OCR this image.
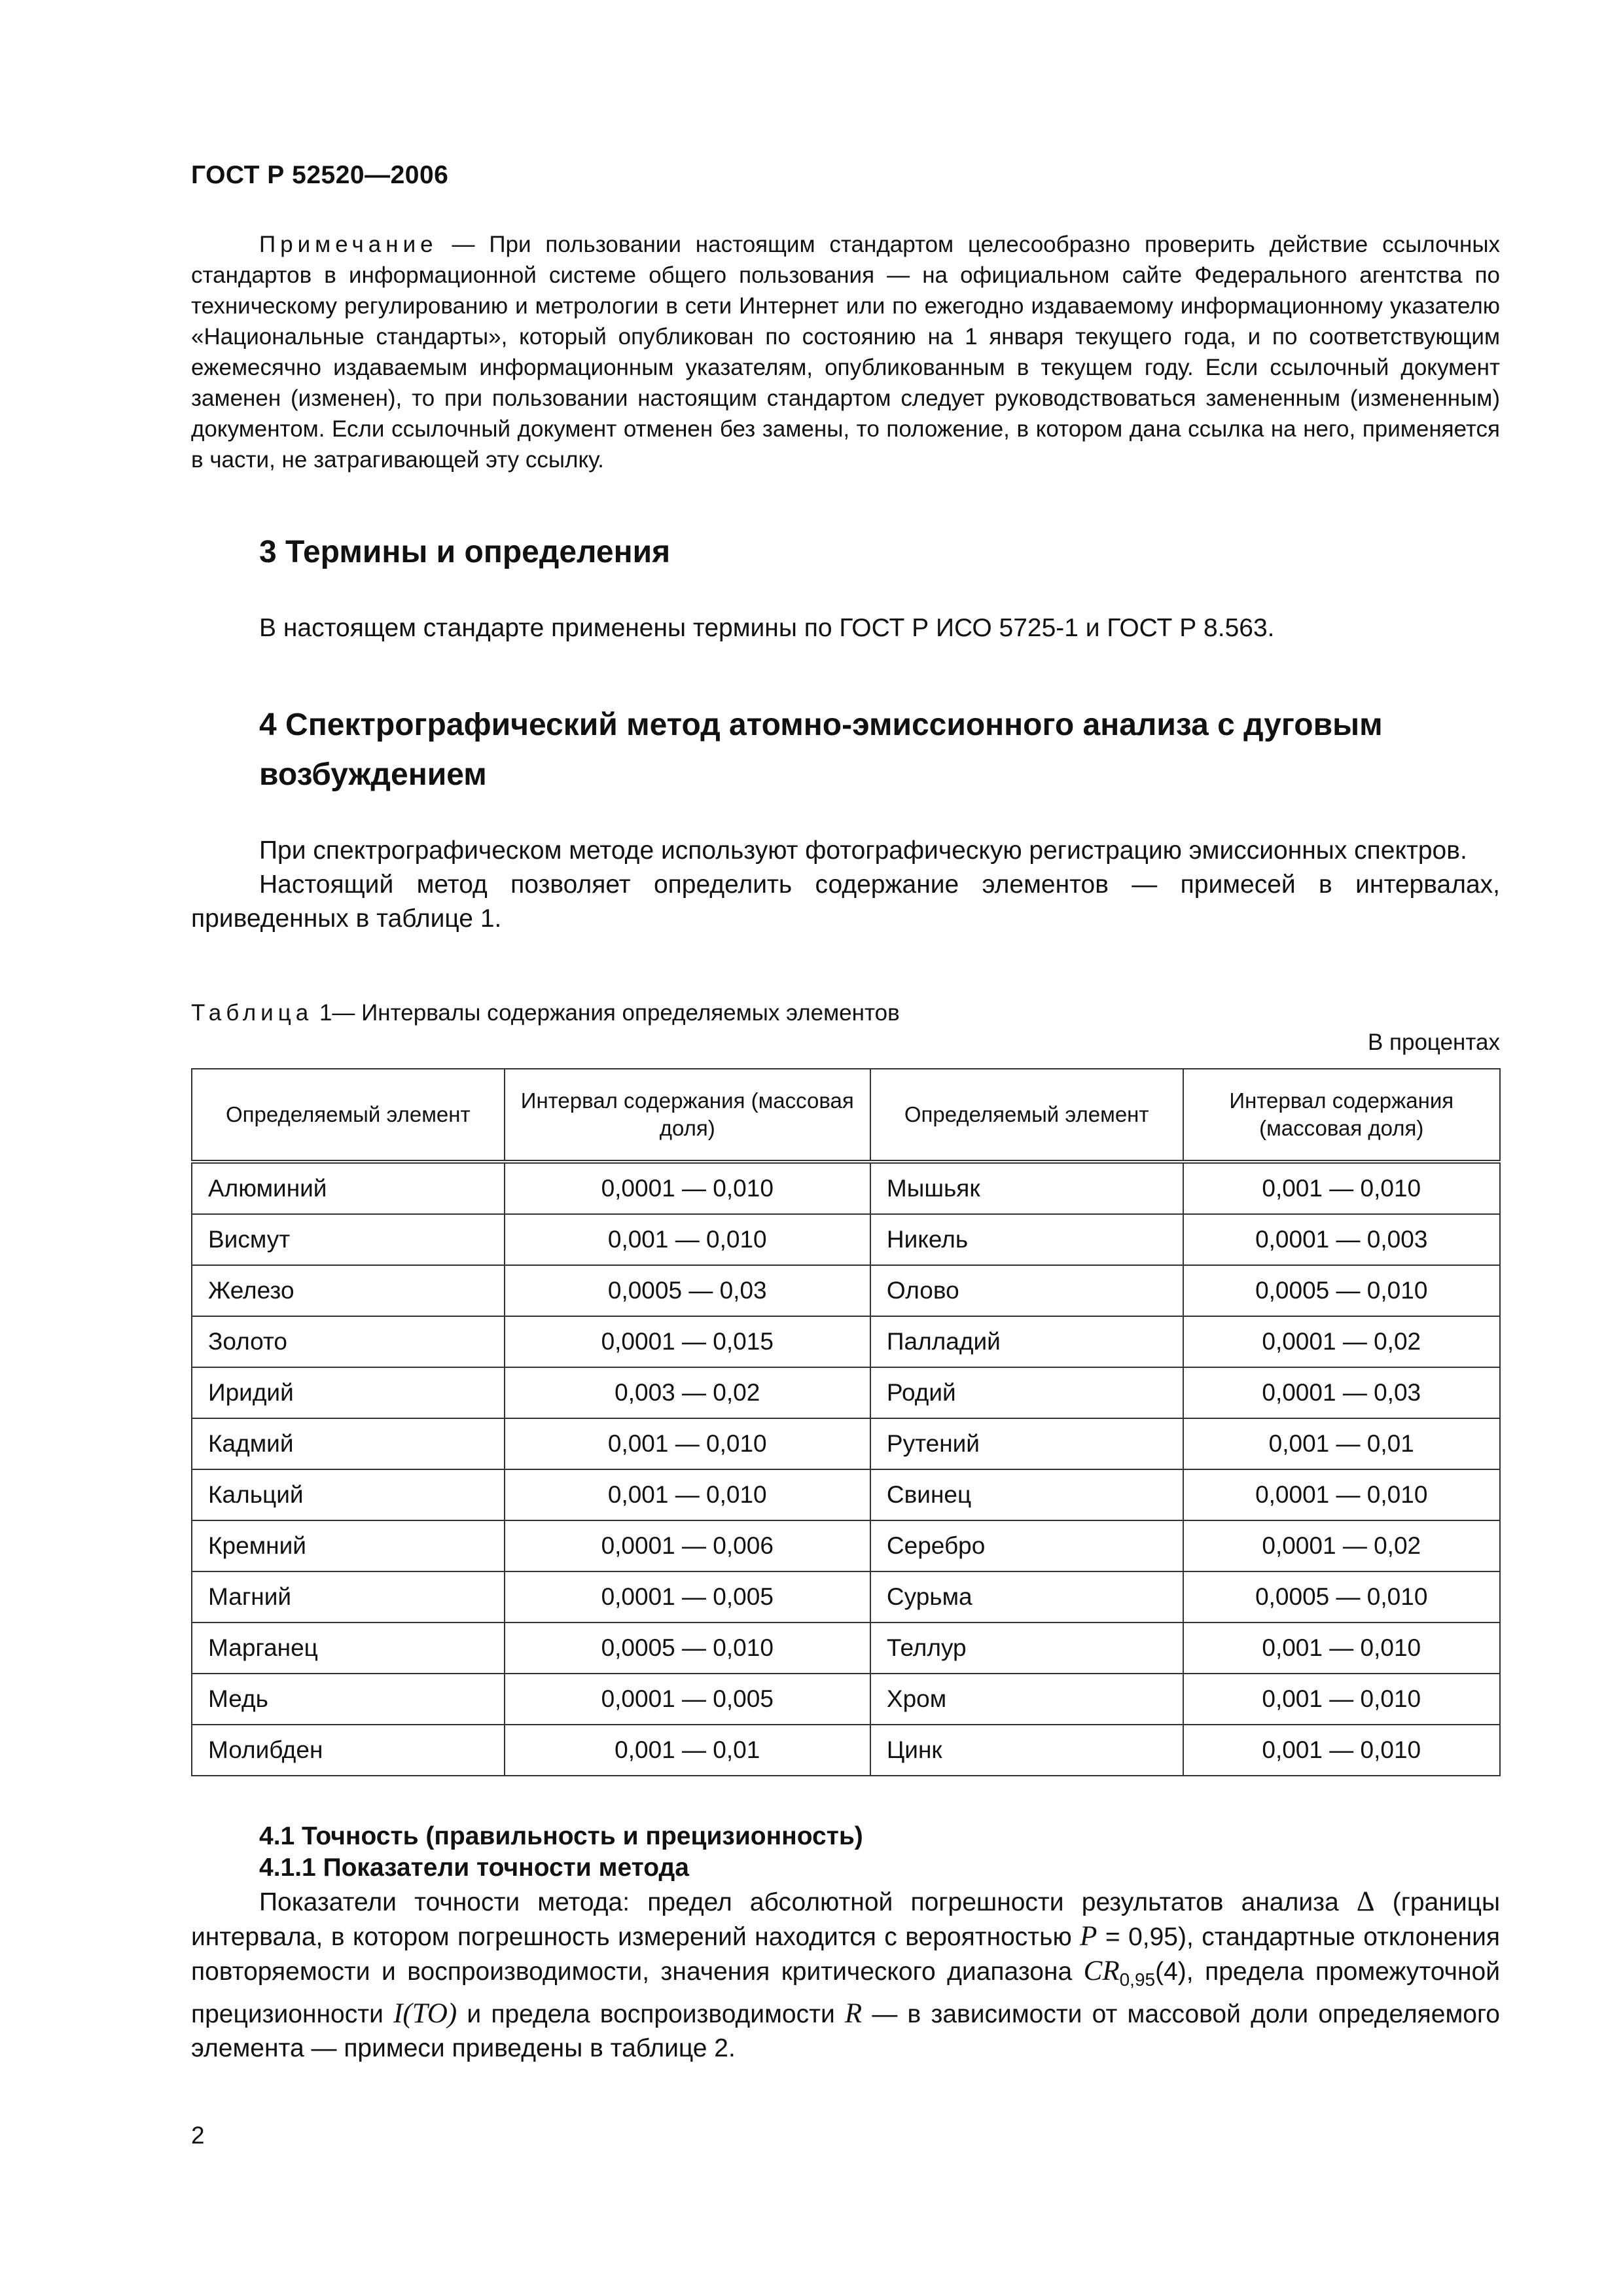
ГОСТ Р 52520—2006

Примечание — При пользовании настоящим стандартом целесообразно проверить действие ссылочных стандартов в информационной системе общего пользования — на официальном сайте Федерального агентства по техническому регулированию и метрологии в сети Интернет или по ежегодно издаваемому информационному указателю «Национальные стандарты», который опубликован по состоянию на 1 января текущего года, и по соответствующим ежемесячно издаваемым информационным указателям, опубликованным в текущем году. Если ссылочный документ заменен (изменен), то при пользовании настоящим стандартом следует руководствоваться замененным (измененным) документом. Если ссылочный документ отменен без замены, то положение, в котором дана ссылка на него, применяется в части, не затрагивающей эту ссылку.

3 Термины и определения

В настоящем стандарте применены термины по ГОСТ Р ИСО 5725-1 и ГОСТ Р 8.563.

4 Спектрографический метод атомно-эмиссионного анализа с дуговым
возбуждением

При спектрографическом методе используют фотографическую регистрацию эмиссионных спектров.

Настоящий метод позволяет определить содержание элементов — примесей в интервалах, приведенных в таблице 1.

Таблица 1— Интервалы содержания определяемых элементов
В процентах
Определяемый элемент	Интервал содержания (массовая доля)	Определяемый элемент	Интервал содержания (массовая доля)
Алюминий	0,0001 — 0,010	Мышьяк	0,001 — 0,010
Висмут	0,001 — 0,010	Никель	0,0001 — 0,003
Железо	0,0005 — 0,03	Олово	0,0005 — 0,010
Золото	0,0001 — 0,015	Палладий	0,0001 — 0,02
Иридий	0,003 — 0,02	Родий	0,0001 — 0,03
Кадмий	0,001 — 0,010	Рутений	0,001 — 0,01
Кальций	0,001 — 0,010	Свинец	0,0001 — 0,010
Кремний	0,0001 — 0,006	Серебро	0,0001 — 0,02
Магний	0,0001 — 0,005	Сурьма	0,0005 — 0,010
Марганец	0,0005 — 0,010	Теллур	0,001 — 0,010
Медь	0,0001 — 0,005	Хром	0,001 — 0,010
Молибден	0,001 — 0,01	Цинк	0,001 — 0,010
4.1 Точность (правильность и прецизионность)
4.1.1 Показатели точности метода

Показатели точности метода: предел абсолютной погрешности результатов анализа Δ (границы интервала, в котором погрешность измерений находится с вероятностью P = 0,95), стандартные отклонения повторяемости и воспроизводимости, значения критического диапазона $CR_{0,95}(4)$, предела промежуточной прецизионности I(TO) и предела воспроизводимости R — в зависимости от массовой доли определяемого элемента — примеси приведены в таблице 2.

2
